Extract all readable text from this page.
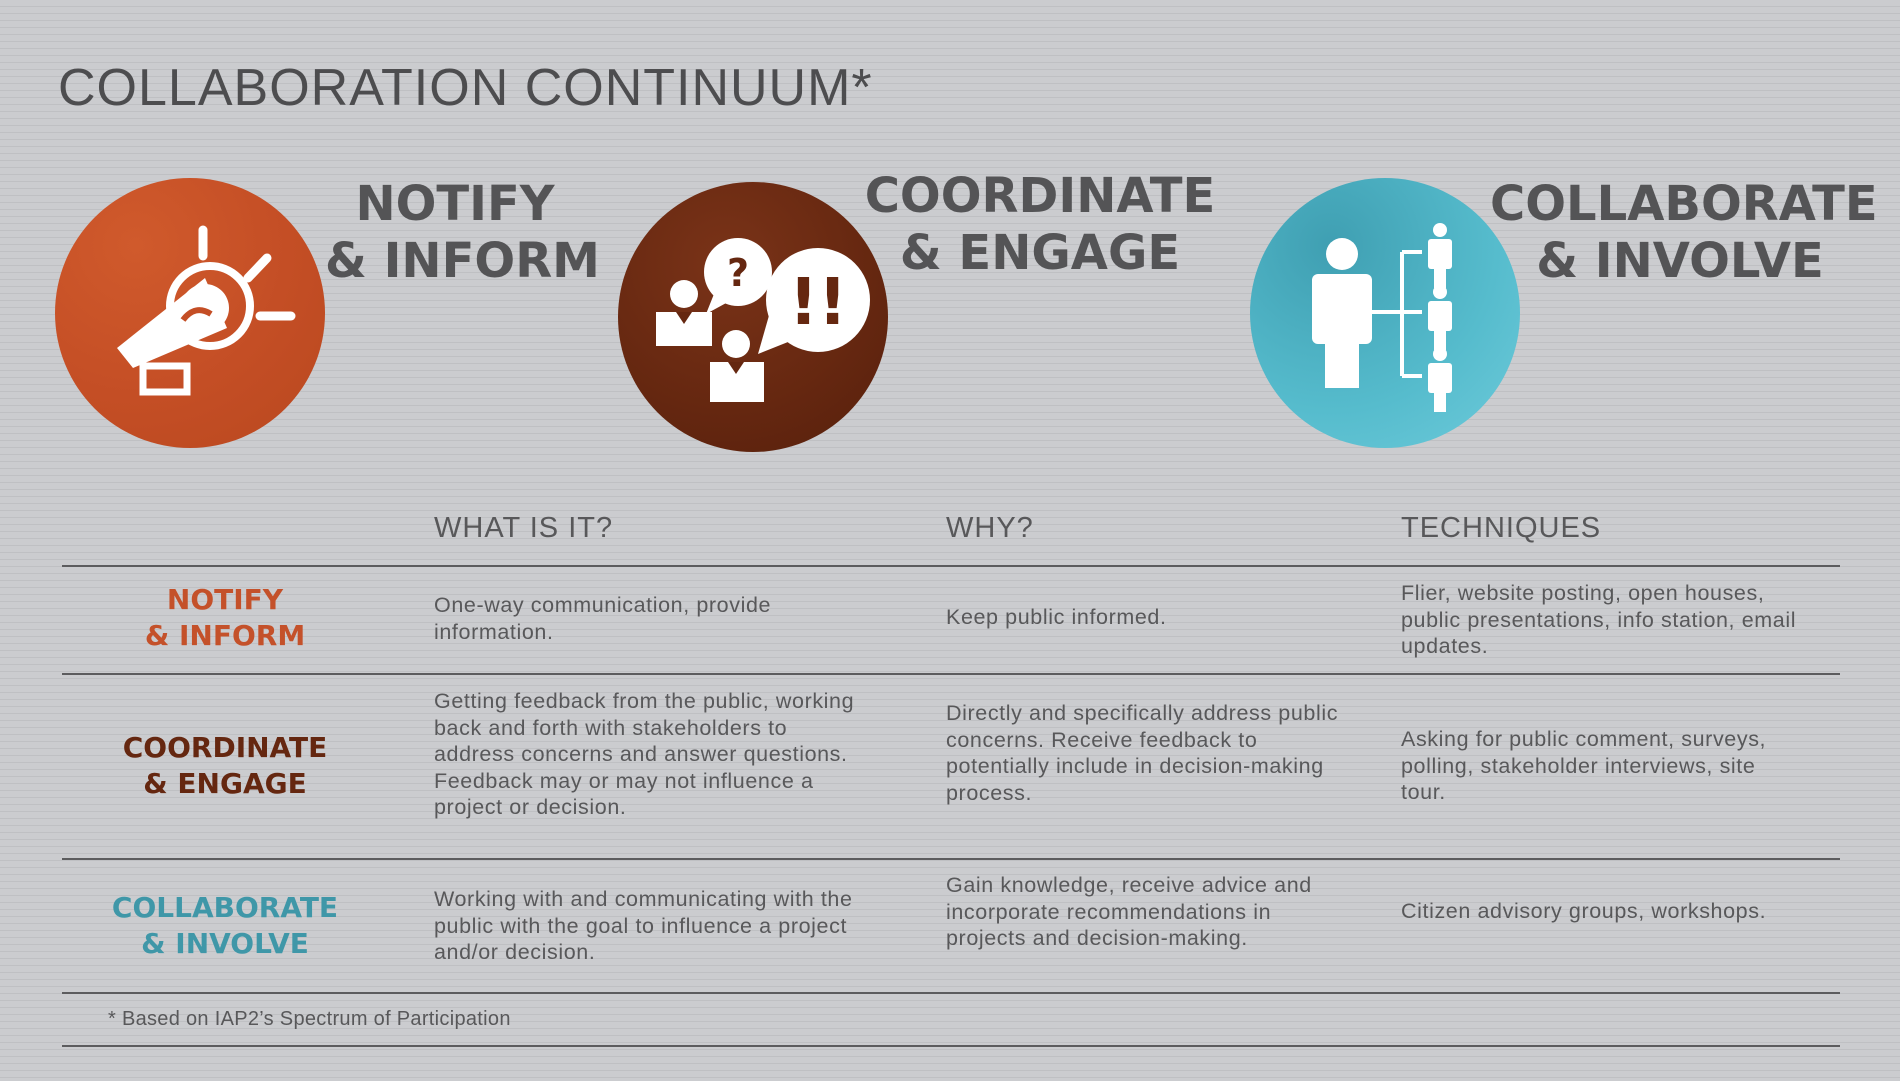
COLLABORATION CONTINUUM*
? !!
NOTIFY
& INFORM
COORDINATE
& ENGAGE
COLLABORATE
& INVOLVE
WHAT IS IT?	WHY?	TECHNIQUES
NOTIFY
& INFORM
One-way communication, provide information.
Keep public informed.
Flier, website posting, open houses, public presentations, info station, email updates.
COORDINATE
& ENGAGE
Getting feedback from the public, working back and forth with stakeholders to address concerns and answer questions. Feedback may or may not influence a project or decision.
Directly and specifically address public concerns. Receive feedback to potentially include in decision-making process.
Asking for public comment, surveys, polling, stakeholder interviews, site tour.
COLLABORATE
& INVOLVE
Working with and communicating with the public with the goal to influence a project and/or decision.
Gain knowledge, receive advice and incorporate recommendations in projects and decision-making.
Citizen advisory groups, workshops.
* Based on IAP2’s Spectrum of Participation
